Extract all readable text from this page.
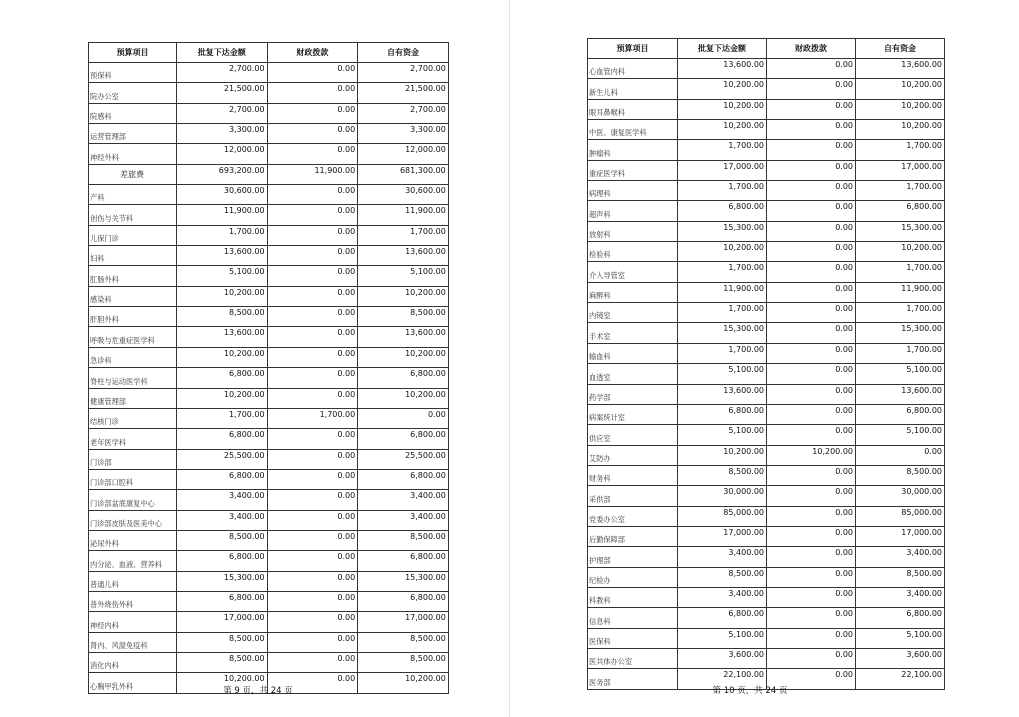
预算项目	批复下达金额	财政拨款	自有资金
预保科	2,700.00	0.00	2,700.00
院办公室	21,500.00	0.00	21,500.00
院感科	2,700.00	0.00	2,700.00
运营管理部	3,300.00	0.00	3,300.00
神经外科	12,000.00	0.00	12,000.00
差旅费	693,200.00	11,900.00	681,300.00
产科	30,600.00	0.00	30,600.00
创伤与关节科	11,900.00	0.00	11,900.00
儿保门诊	1,700.00	0.00	1,700.00
妇科	13,600.00	0.00	13,600.00
肛肠外科	5,100.00	0.00	5,100.00
感染科	10,200.00	0.00	10,200.00
肝胆外科	8,500.00	0.00	8,500.00
呼吸与危重症医学科	13,600.00	0.00	13,600.00
急诊科	10,200.00	0.00	10,200.00
脊柱与运动医学科	6,800.00	0.00	6,800.00
健康管理部	10,200.00	0.00	10,200.00
结核门诊	1,700.00	1,700.00	0.00
老年医学科	6,800.00	0.00	6,800.00
门诊部	25,500.00	0.00	25,500.00
门诊部口腔科	6,800.00	0.00	6,800.00
门诊部盆底康复中心	3,400.00	0.00	3,400.00
门诊部皮肤及医美中心	3,400.00	0.00	3,400.00
泌尿外科	8,500.00	0.00	8,500.00
内分泌、血液、营养科	6,800.00	0.00	6,800.00
普通儿科	15,300.00	0.00	15,300.00
普外烧伤外科	6,800.00	0.00	6,800.00
神经内科	17,000.00	0.00	17,000.00
肾内、风湿免疫科	8,500.00	0.00	8,500.00
消化内科	8,500.00	0.00	8,500.00
心胸甲乳外科	10,200.00	0.00	10,200.00
第 9 页，共 24 页
预算项目	批复下达金额	财政拨款	自有资金
心血管内科	13,600.00	0.00	13,600.00
新生儿科	10,200.00	0.00	10,200.00
眼耳鼻喉科	10,200.00	0.00	10,200.00
中医、康复医学科	10,200.00	0.00	10,200.00
肿瘤科	1,700.00	0.00	1,700.00
重症医学科	17,000.00	0.00	17,000.00
病理科	1,700.00	0.00	1,700.00
超声科	6,800.00	0.00	6,800.00
放射科	15,300.00	0.00	15,300.00
检验科	10,200.00	0.00	10,200.00
介入导管室	1,700.00	0.00	1,700.00
麻醉科	11,900.00	0.00	11,900.00
内镜室	1,700.00	0.00	1,700.00
手术室	15,300.00	0.00	15,300.00
输血科	1,700.00	0.00	1,700.00
血透室	5,100.00	0.00	5,100.00
药学部	13,600.00	0.00	13,600.00
病案统计室	6,800.00	0.00	6,800.00
供应室	5,100.00	0.00	5,100.00
艾防办	10,200.00	10,200.00	0.00
财务科	8,500.00	0.00	8,500.00
采供部	30,000.00	0.00	30,000.00
党委办公室	85,000.00	0.00	85,000.00
后勤保障部	17,000.00	0.00	17,000.00
护理部	3,400.00	0.00	3,400.00
纪检办	8,500.00	0.00	8,500.00
科教科	3,400.00	0.00	3,400.00
信息科	6,800.00	0.00	6,800.00
医保科	5,100.00	0.00	5,100.00
医共体办公室	3,600.00	0.00	3,600.00
医务部	22,100.00	0.00	22,100.00
第 10 页，共 24 页
